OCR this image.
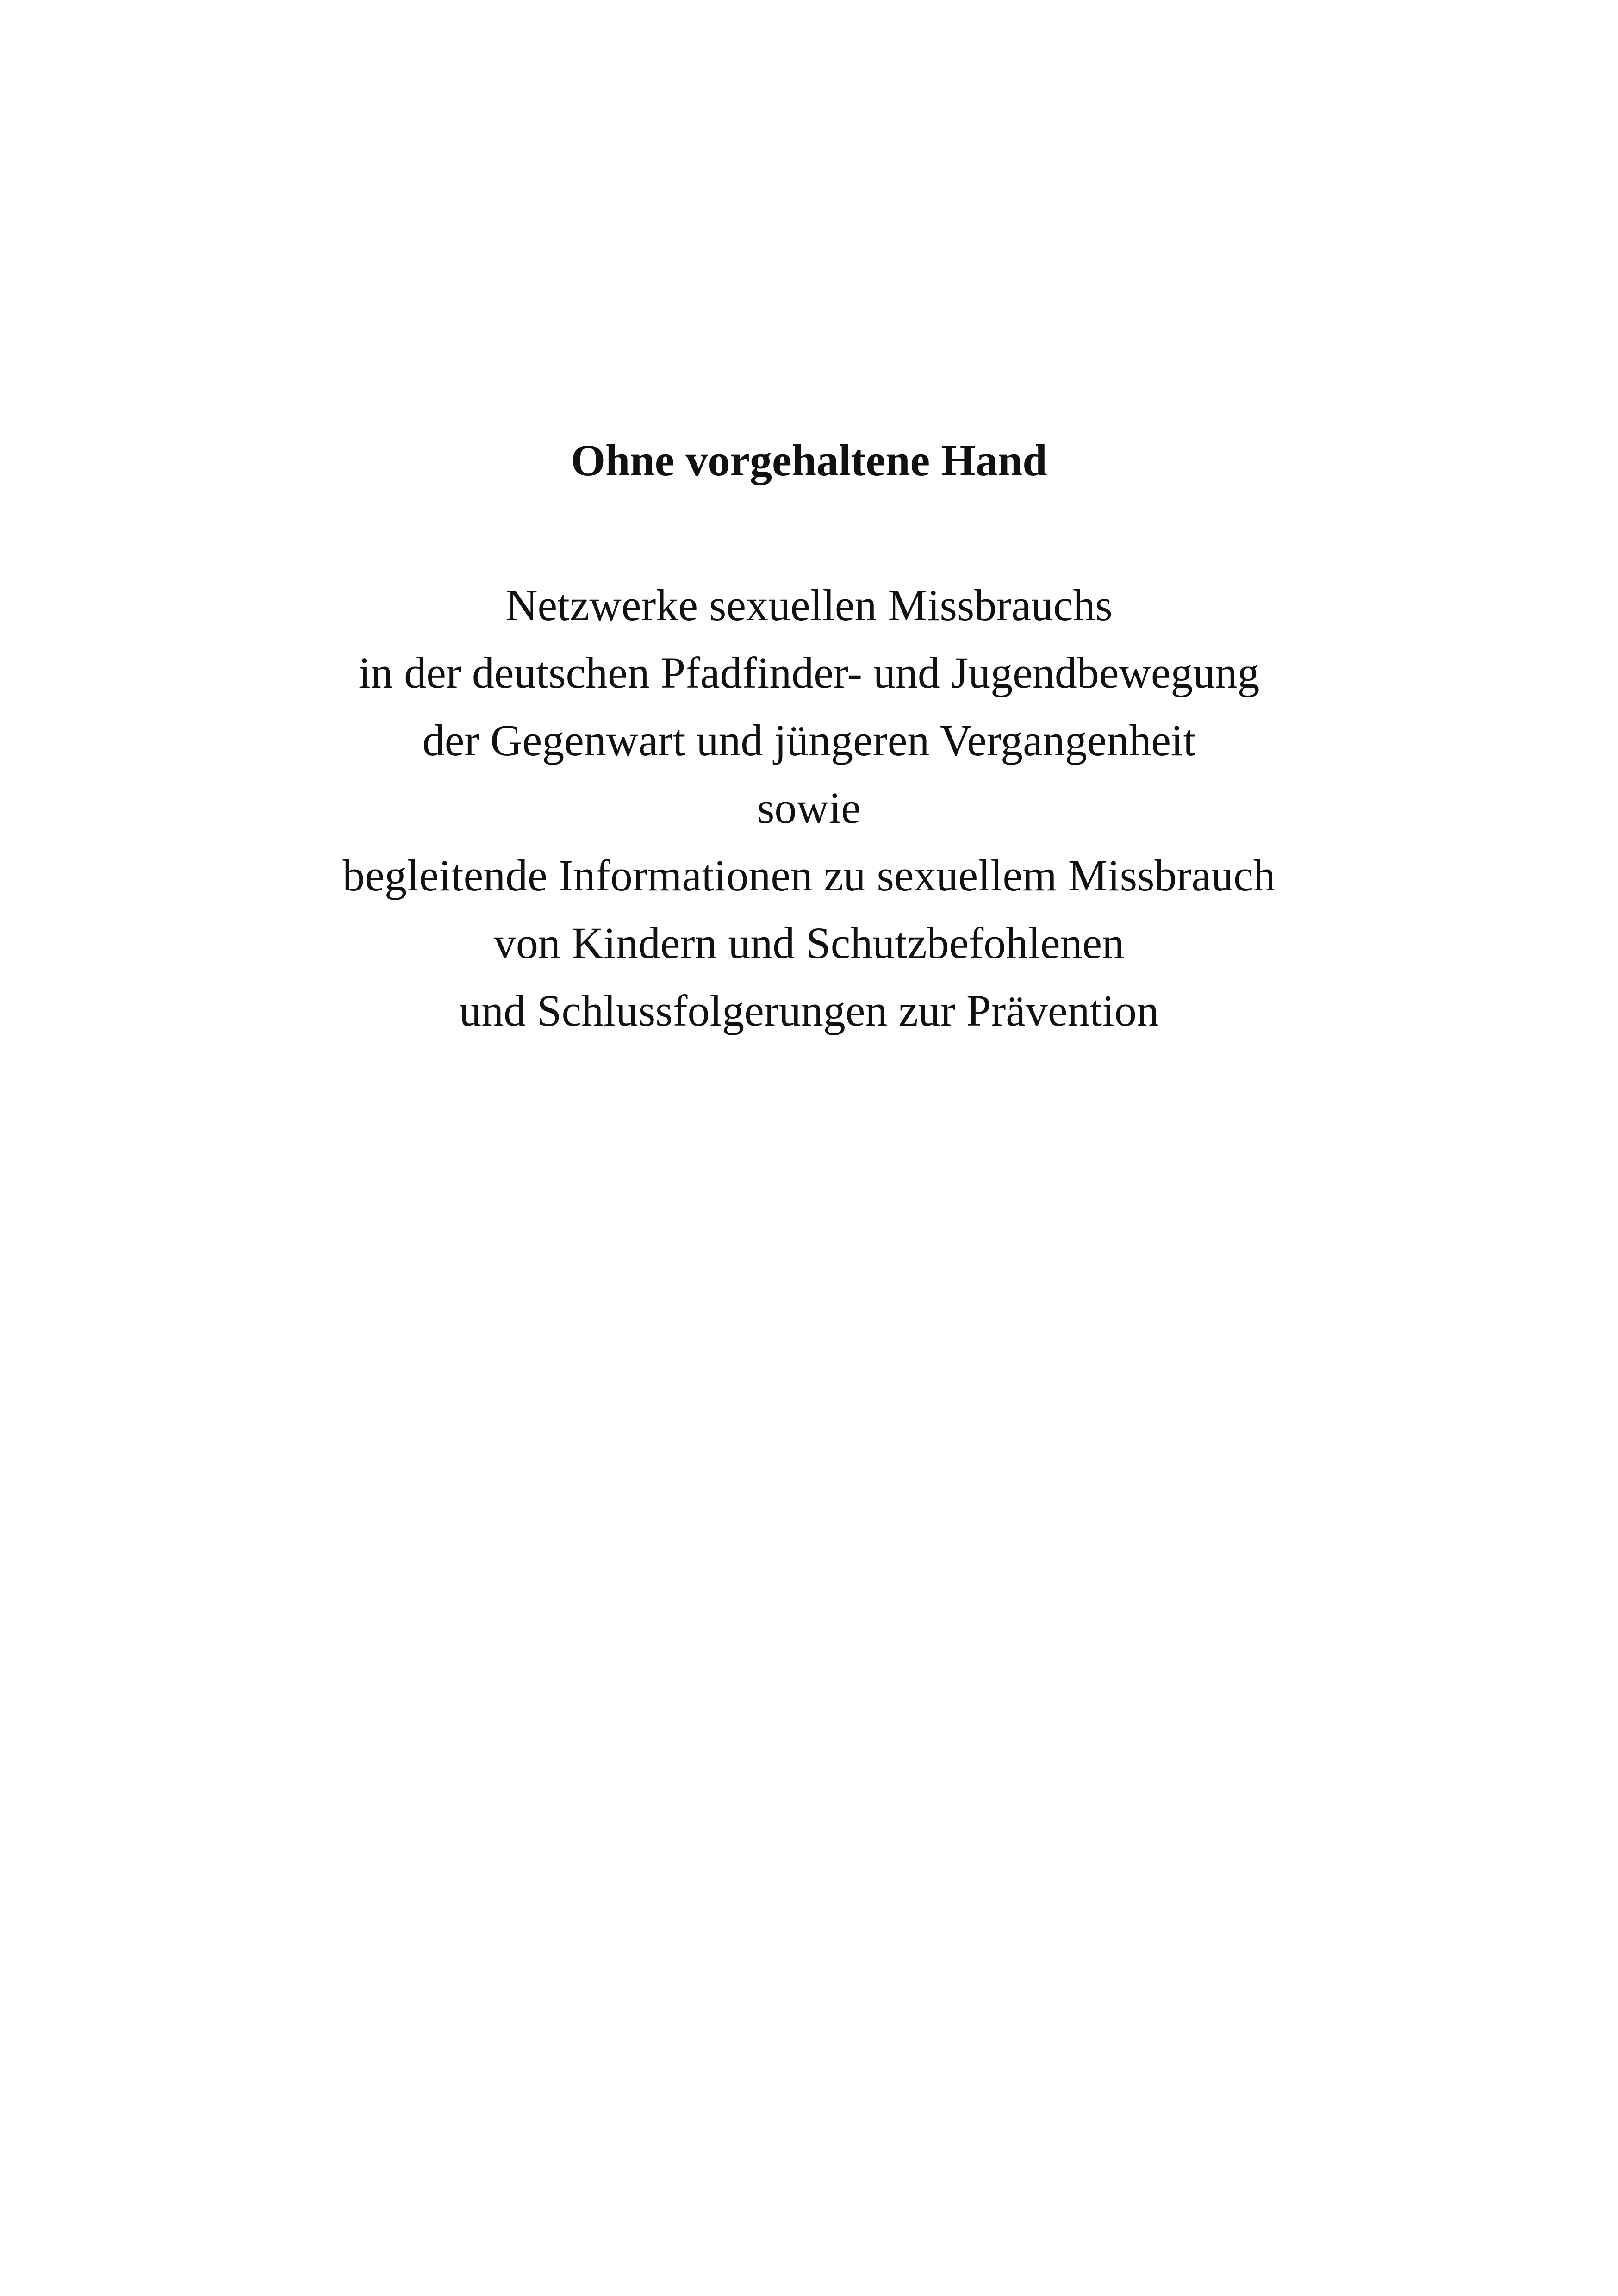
Ohne vorgehaltene Hand
Netzwerke sexuellen Missbrauchs
in der deutschen Pfadfinder- und Jugendbewegung
der Gegenwart und jüngeren Vergangenheit
sowie
begleitende Informationen zu sexuellem Missbrauch
von Kindern und Schutzbefohlenen
und Schlussfolgerungen zur Prävention
